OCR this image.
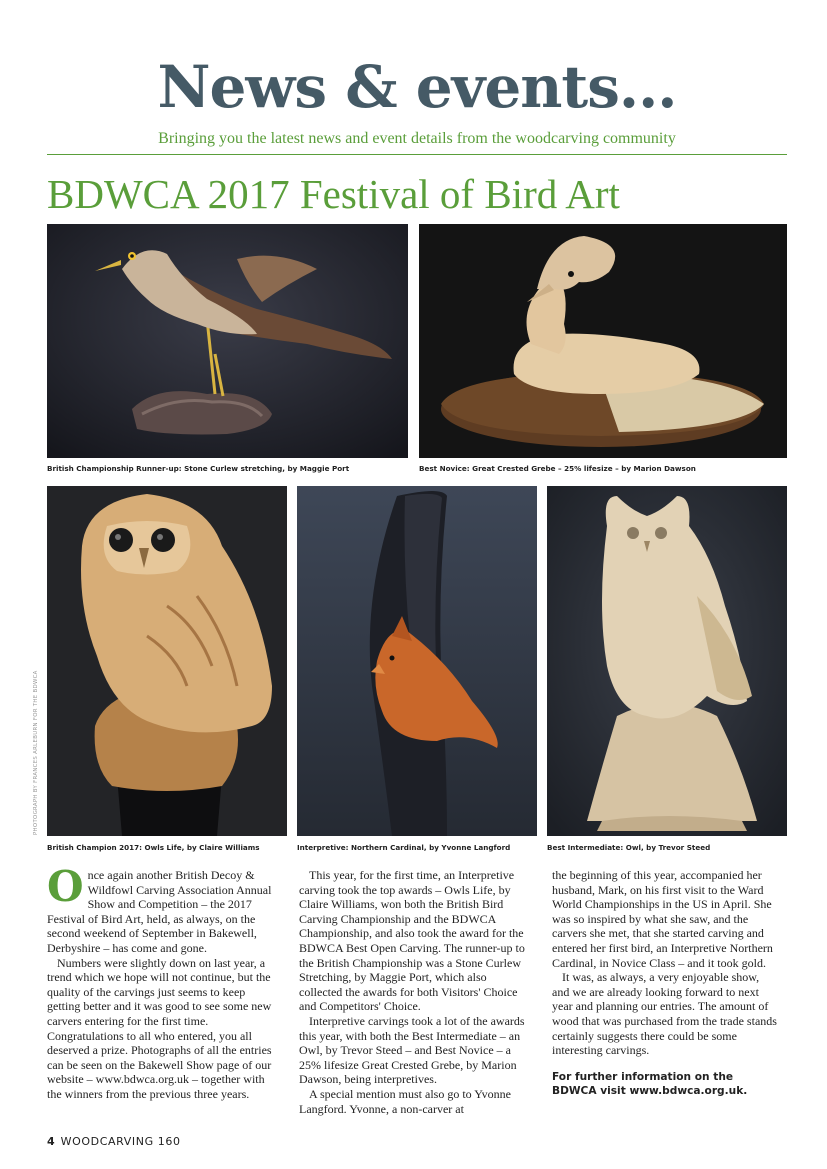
News & events...
Bringing you the latest news and event details from the woodcarving community
BDWCA 2017 Festival of Bird Art
British Championship Runner-up: Stone Curlew stretching, by Maggie Port	Best Novice: Great Crested Grebe – 25% lifesize – by Marion Dawson
British Champion 2017: Owls Life, by Claire Williams
PHOTOGRAPH BY FRANCES ARLEBURN FOR THE BDWCA
Interpretive: Northern Cardinal, by Yvonne Langford	Best Intermediate: Owl, by Trevor Steed

Once again another British Decoy & Wildfowl Carving Association Annual Show and Competition – the 2017 Festival of Bird Art, held, as always, on the second weekend of September in Bakewell, Derbyshire – has come and gone.

Numbers were slightly down on last year, a trend which we hope will not continue, but the quality of the carvings just seems to keep getting better and it was good to see some new carvers entering for the first time. Congratulations to all who entered, you all deserved a prize. Photographs of all the entries can be seen on the Bakewell Show page of our website – www.bdwca.org.uk – together with the winners from the previous three years.

This year, for the first time, an Interpretive carving took the top awards – Owls Life, by Claire Williams, won both the British Bird Carving Championship and the BDWCA Championship, and also took the award for the BDWCA Best Open Carving. The runner-up to the British Championship was a Stone Curlew Stretching, by Maggie Port, which also collected the awards for both Visitors' Choice and Competitors' Choice.

Interpretive carvings took a lot of the awards this year, with both the Best Intermediate – an Owl, by Trevor Steed – and Best Novice – a 25% lifesize Great Crested Grebe, by Marion Dawson, being interpretives.

A special mention must also go to Yvonne Langford. Yvonne, a non-carver at

the beginning of this year, accompanied her husband, Mark, on his first visit to the Ward World Championships in the US in April. She was so inspired by what she saw, and the carvers she met, that she started carving and entered her first bird, an Interpretive Northern Cardinal, in Novice Class – and it took gold.

It was, as always, a very enjoyable show, and we are already looking forward to next year and planning our entries. The amount of wood that was purchased from the trade stands certainly suggests there could be some interesting carvings.

For further information on the BDWCA visit www.bdwca.org.uk.

4 WOODCARVING 160
